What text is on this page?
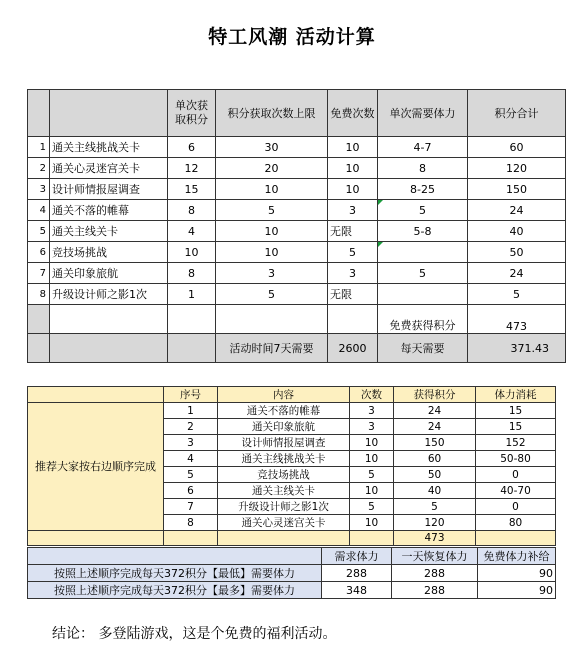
特工风潮 活动计算
		单次获取积分	积分获取次数上限	免费次数	单次需要体力	积分合计
1	通关主线挑战关卡	6	30	10	4-7	60
2	通关心灵迷宫关卡	12	20	10	8	120
3	设计师情报屋调查	15	10	10	8-25	150
4	通关不落的帷幕	8	5	3	5	24
5	通关主线关卡	4	10	无限	5-8	40
6	竞技场挑战	10	10	5		50
7	通关印象旅航	8	3	3	5	24
8	升级设计师之影1次	1	5	无限		5
					免费获得积分	473
			活动时间7天需要	2600	每天需要	371.43
	序号	内容	次数	获得积分	体力消耗
推荐大家按右边顺序完成	1	通关不落的帷幕	3	24	15
	2	通关印象旅航	3	24	15
	3	设计师情报屋调查	10	150	152
	4	通关主线挑战关卡	10	60	50-80
	5	竞技场挑战	5	50	0
	6	通关主线关卡	10	40	40-70
	7	升级设计师之影1次	5	5	0
	8	通关心灵迷宫关卡	10	120	80
				473	
	需求体力	一天恢复体力	免费体力补给
按照上述顺序完成每天372积分【最低】需要体力	288	288	90
按照上述顺序完成每天372积分【最多】需要体力	348	288	90
结论： 多登陆游戏，这是个免费的福利活动。
